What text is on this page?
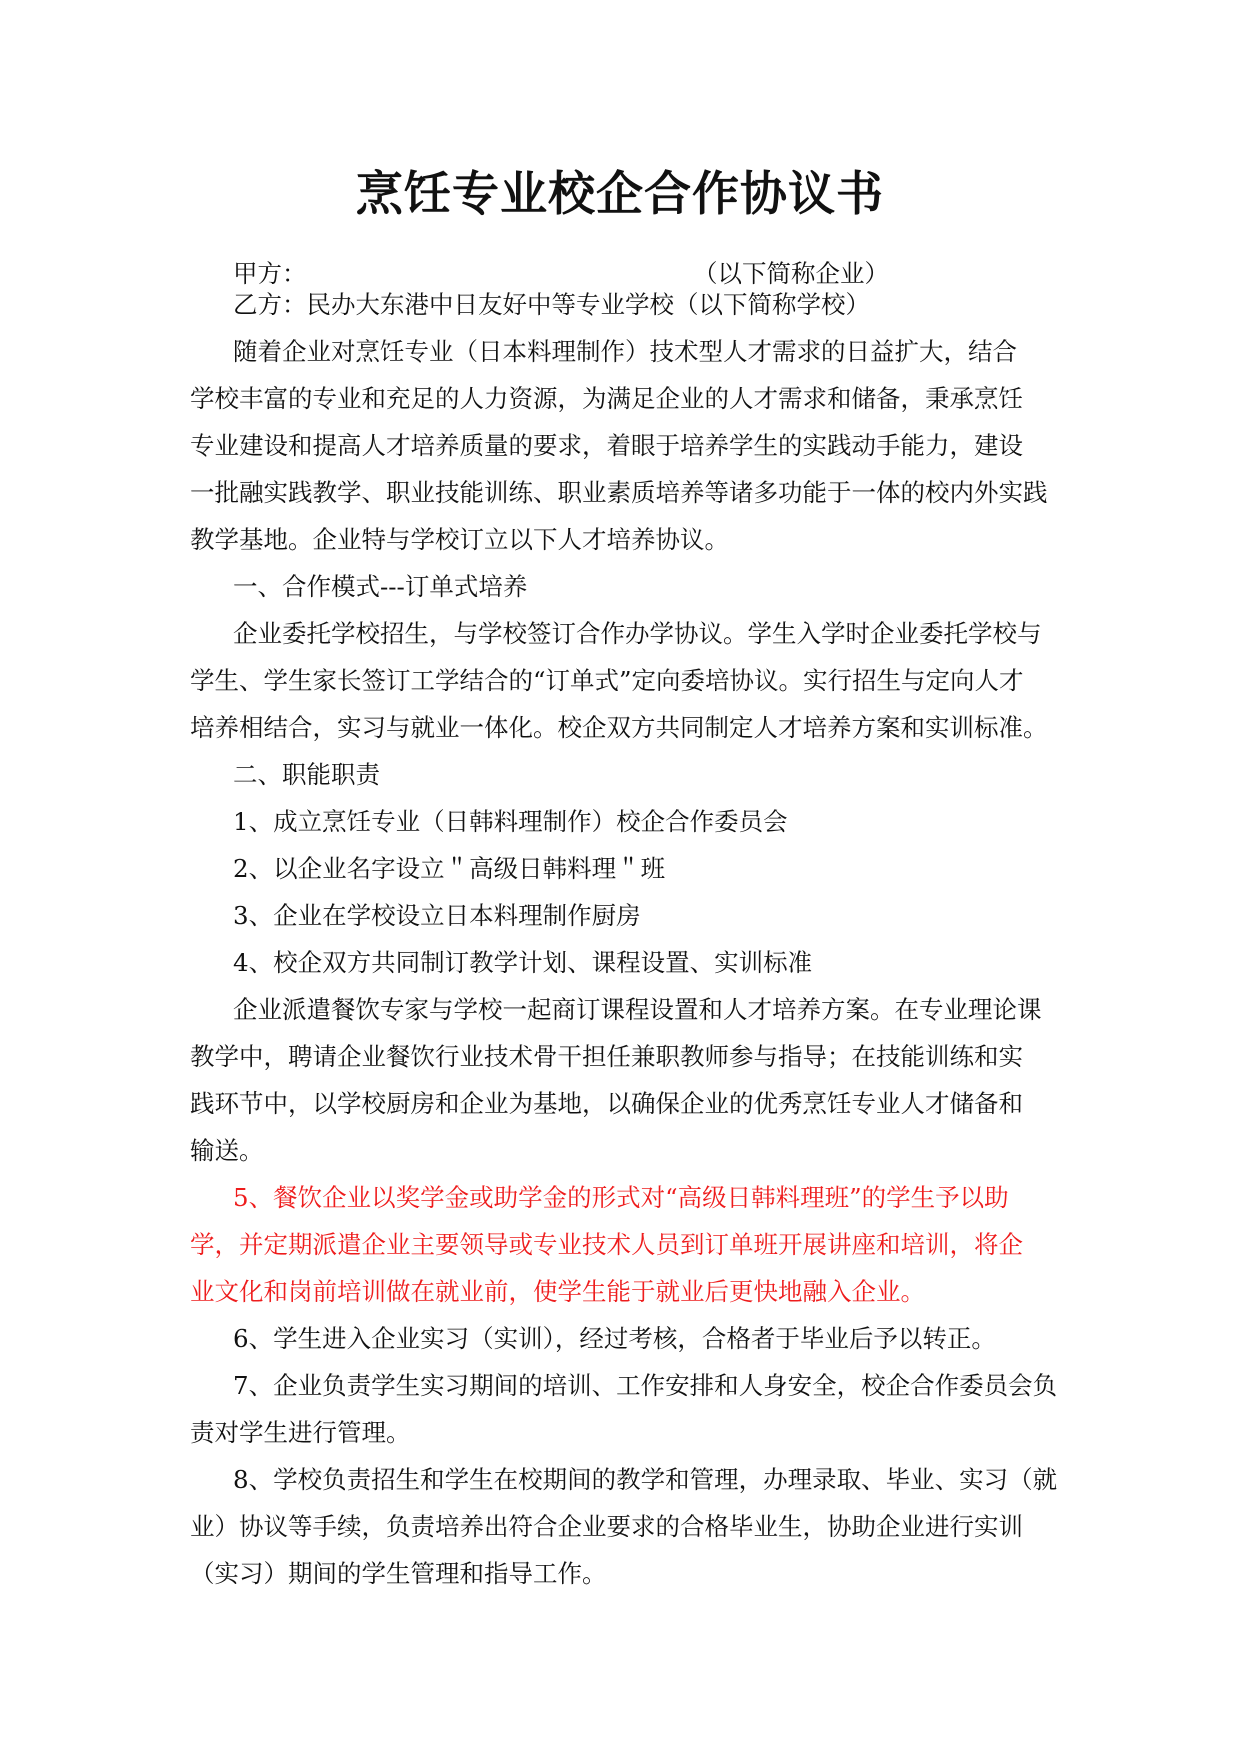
烹饪专业校企合作协议书
甲方：	（以下简称企业）
乙方：民办大东港中日友好中等专业学校（以下简称学校）
随着企业对烹饪专业（日本料理制作）技术型人才需求的日益扩大，结合
学校丰富的专业和充足的人力资源，为满足企业的人才需求和储备，秉承烹饪
专业建设和提高人才培养质量的要求，着眼于培养学生的实践动手能力，建设
一批融实践教学、职业技能训练、职业素质培养等诸多功能于一体的校内外实践
教学基地。企业特与学校订立以下人才培养协议。
一、合作模式---订单式培养
企业委托学校招生，与学校签订合作办学协议。学生入学时企业委托学校与
学生、学生家长签订工学结合的“订单式”定向委培协议。实行招生与定向人才
培养相结合，实习与就业一体化。校企双方共同制定人才培养方案和实训标准。
二、职能职责
1、成立烹饪专业（日韩料理制作）校企合作委员会
2、以企业名字设立＂高级日韩料理＂班
3、企业在学校设立日本料理制作厨房
4、校企双方共同制订教学计划、课程设置、实训标准
企业派遣餐饮专家与学校一起商订课程设置和人才培养方案。在专业理论课
教学中，聘请企业餐饮行业技术骨干担任兼职教师参与指导；在技能训练和实
践环节中，以学校厨房和企业为基地，以确保企业的优秀烹饪专业人才储备和
输送。
5、餐饮企业以奖学金或助学金的形式对“高级日韩料理班”的学生予以助
学，并定期派遣企业主要领导或专业技术人员到订单班开展讲座和培训，将企
业文化和岗前培训做在就业前，使学生能于就业后更快地融入企业。
6、学生进入企业实习（实训），经过考核，合格者于毕业后予以转正。
7、企业负责学生实习期间的培训、工作安排和人身安全，校企合作委员会负
责对学生进行管理。
8、学校负责招生和学生在校期间的教学和管理，办理录取、毕业、实习（就
业）协议等手续，负责培养出符合企业要求的合格毕业生，协助企业进行实训
（实习）期间的学生管理和指导工作。
